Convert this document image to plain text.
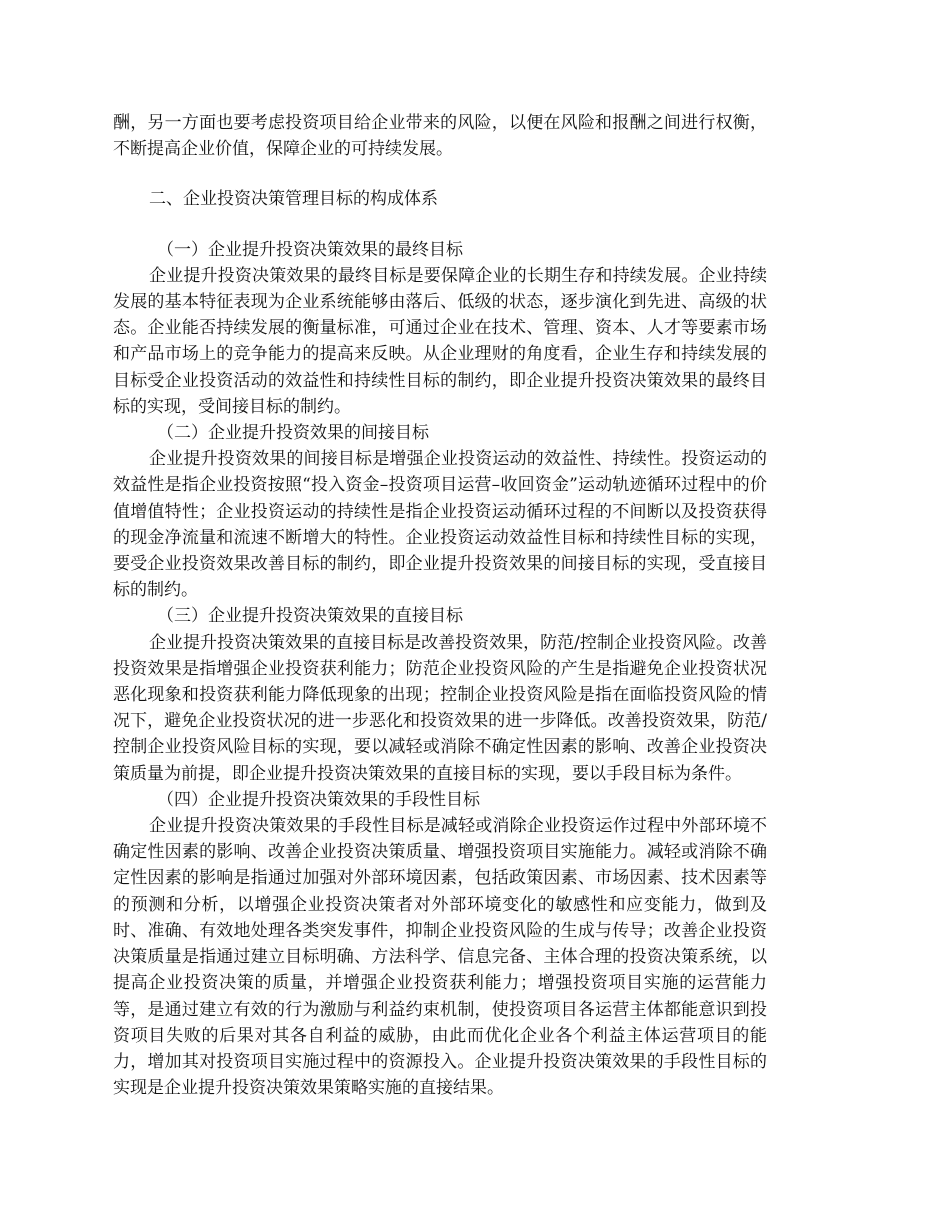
酬，另一方面也要考虑投资项目给企业带来的风险，以便在风险和报酬之间进行权衡，不断提高企业价值，保障企业的可持续发展。

二、企业投资决策管理目标的构成体系

（一）企业提升投资决策效果的最终目标

企业提升投资决策效果的最终目标是要保障企业的长期生存和持续发展。企业持续发展的基本特征表现为企业系统能够由落后、低级的状态，逐步演化到先进、高级的状态。企业能否持续发展的衡量标准，可通过企业在技术、管理、资本、人才等要素市场和产品市场上的竞争能力的提高来反映。从企业理财的角度看，企业生存和持续发展的目标受企业投资活动的效益性和持续性目标的制约，即企业提升投资决策效果的最终目标的实现，受间接目标的制约。

（二）企业提升投资效果的间接目标

企业提升投资效果的间接目标是增强企业投资运动的效益性、持续性。投资运动的效益性是指企业投资按照“投入资金–投资项目运营–收回资金”运动轨迹循环过程中的价值增值特性；企业投资运动的持续性是指企业投资运动循环过程的不间断以及投资获得的现金净流量和流速不断增大的特性。企业投资运动效益性目标和持续性目标的实现，要受企业投资效果改善目标的制约，即企业提升投资效果的间接目标的实现，受直接目标的制约。

（三）企业提升投资决策效果的直接目标

企业提升投资决策效果的直接目标是改善投资效果，防范/控制企业投资风险。改善投资效果是指增强企业投资获利能力；防范企业投资风险的产生是指避免企业投资状况恶化现象和投资获利能力降低现象的出现；控制企业投资风险是指在面临投资风险的情况下，避免企业投资状况的进一步恶化和投资效果的进一步降低。改善投资效果，防范/控制企业投资风险目标的实现，要以减轻或消除不确定性因素的影响、改善企业投资决策质量为前提，即企业提升投资决策效果的直接目标的实现，要以手段目标为条件。

（四）企业提升投资决策效果的手段性目标

企业提升投资决策效果的手段性目标是减轻或消除企业投资运作过程中外部环境不确定性因素的影响、改善企业投资决策质量、增强投资项目实施能力。减轻或消除不确定性因素的影响是指通过加强对外部环境因素，包括政策因素、市场因素、技术因素等的预测和分析，以增强企业投资决策者对外部环境变化的敏感性和应变能力，做到及时、准确、有效地处理各类突发事件，抑制企业投资风险的生成与传导；改善企业投资决策质量是指通过建立目标明确、方法科学、信息完备、主体合理的投资决策系统，以提高企业投资决策的质量，并增强企业投资获利能力；增强投资项目实施的运营能力等，是通过建立有效的行为激励与利益约束机制，使投资项目各运营主体都能意识到投资项目失败的后果对其各自利益的威胁，由此而优化企业各个利益主体运营项目的能力，增加其对投资项目实施过程中的资源投入。企业提升投资决策效果的手段性目标的实现是企业提升投资决策效果策略实施的直接结果。
